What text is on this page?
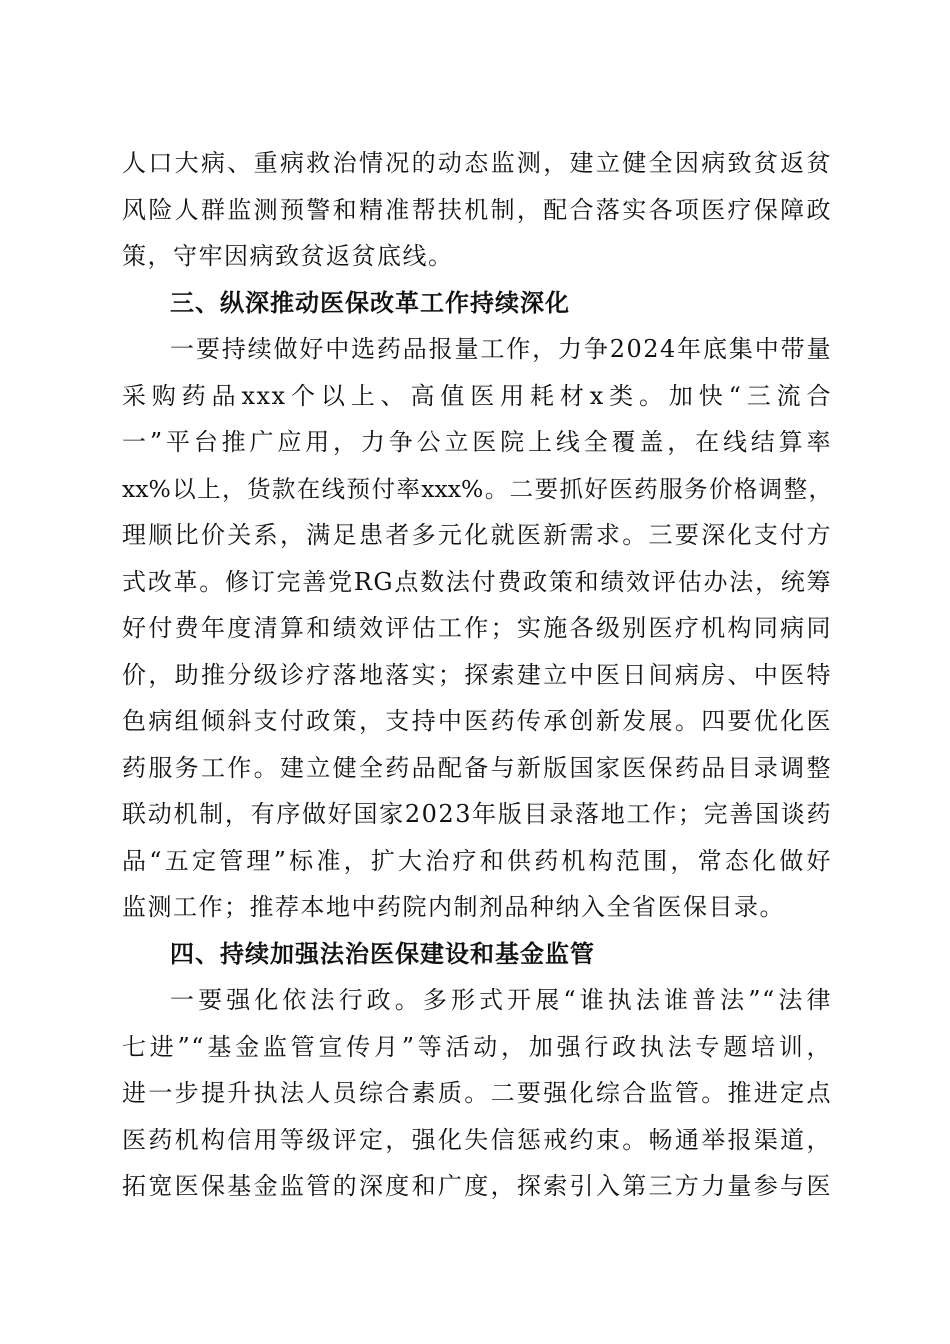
人口大病、重病救治情况的动态监测，建立健全因病致贫返贫
风险人群监测预警和精准帮扶机制，配合落实各项医疗保障政
策，守牢因病致贫返贫底线。
三、纵深推动医保改革工作持续深化
一要持续做好中选药品报量工作，力争2024年底集中带量
采购药品xxx个以上、高值医用耗材x类。加快“三流合
一”平台推广应用，力争公立医院上线全覆盖，在线结算率
xx%以上，货款在线预付率xxx%。二要抓好医药服务价格调整，
理顺比价关系，满足患者多元化就医新需求。三要深化支付方
式改革。修订完善党RG点数法付费政策和绩效评估办法，统筹
好付费年度清算和绩效评估工作；实施各级别医疗机构同病同
价，助推分级诊疗落地落实；探索建立中医日间病房、中医特
色病组倾斜支付政策，支持中医药传承创新发展。四要优化医
药服务工作。建立健全药品配备与新版国家医保药品目录调整
联动机制，有序做好国家2023年版目录落地工作；完善国谈药
品“五定管理”标准，扩大治疗和供药机构范围，常态化做好
监测工作；推荐本地中药院内制剂品种纳入全省医保目录。
四、持续加强法治医保建设和基金监管
一要强化依法行政。多形式开展“谁执法谁普法”“法律
七进”“基金监管宣传月”等活动，加强行政执法专题培训，
进一步提升执法人员综合素质。二要强化综合监管。推进定点
医药机构信用等级评定，强化失信惩戒约束。畅通举报渠道，
拓宽医保基金监管的深度和广度，探索引入第三方力量参与医
